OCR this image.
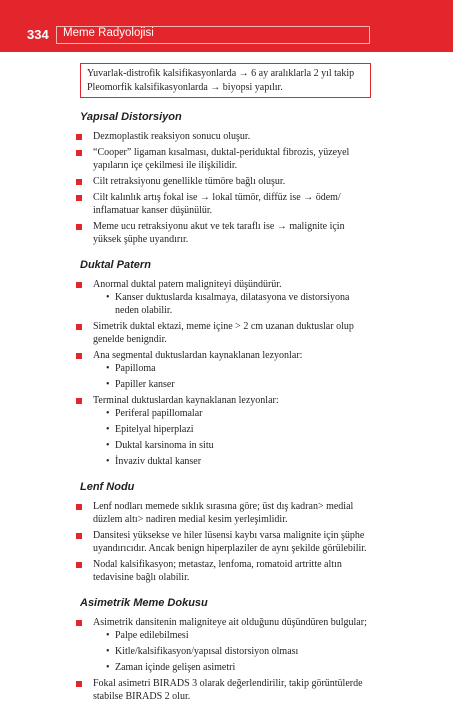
334 Meme Radyolojisi
Yuvarlak-distrofik kalsifikasyonlarda → 6 ay aralıklarla 2 yıl takip
Pleomorfik kalsifikasyonlarda → biyopsi yapılır.
Yapısal Distorsiyon
Dezmoplastik reaksiyon sonucu oluşur.
“Cooper” ligaman kısalması, duktal-periduktal fibrozis, yüzeyel yapıların içe çekilmesi ile ilişkilidir.
Cilt retraksiyonu genellikle tümöre bağlı oluşur.
Cilt kalınlık artış fokal ise → lokal tümör, diffüz ise → ödem/ inflamatuar kanser düşünülür.
Meme ucu retraksiyonu akut ve tek taraflı ise → malignite için yüksek şüphe uyandırır.
Duktal Patern
Anormal duktal patern maligniteyi düşündürür.
• Kanser duktuslarda kısalmaya, dilatasyona ve distorsiyona neden olabilir.
Simetrik duktal ektazi, meme içine > 2 cm uzanan duktuslar olup genelde benigndir.
Ana segmental duktuslardan kaynaklanan lezyonlar:
• Papilloma
• Papiller kanser
Terminal duktuslardan kaynaklanan lezyonlar:
• Periferal papillomalar
• Epitelyal hiperplazi
• Duktal karsinoma in situ
• İnvaziv duktal kanser
Lenf Nodu
Lenf nodları memede sıklık sırasına göre; üst dış kadran> medial düzlem altı> nadiren medial kesim yerleşimlidir.
Dansitesi yüksekse ve hiler lüsensi kaybı varsa malignite için şüphe uyandırıcıdır. Ancak benign hiperplaziler de aynı şekilde görülebilir.
Nodal kalsifikasyon; metastaz, lenfoma, romatoid artritte altın tedavisine bağlı olabilir.
Asimetrik Meme Dokusu
Asimetrik dansitenin maligniteye ait olduğunu düşündüren bulgular;
• Palpe edilebilmesi
• Kitle/kalsifikasyon/yapısal distorsiyon olması
• Zaman içinde gelişen asimetri
Fokal asimetri BIRADS 3 olarak değerlendirilir, takip görüntülerde stabilse BIRADS 2 olur.
